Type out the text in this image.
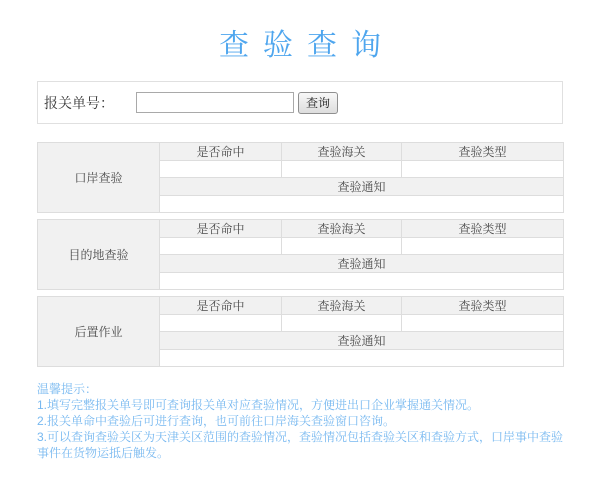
查验查询
报关单号：	查询
口岸查验	是否命中	查验海关	查验类型

	查验通知		

目的地查验	是否命中	查验海关	查验类型

	查验通知		

后置作业	是否命中	查验海关	查验类型

	查验通知		

温馨提示：

1.填写完整报关单号即可查询报关单对应查验情况，方便进出口企业掌握通关情况。

2.报关单命中查验后可进行查询，也可前往口岸海关查验窗口咨询。

3.可以查询查验关区为天津关区范围的查验情况，查验情况包括查验关区和查验方式，口岸事中查验事件在货物运抵后触发。
